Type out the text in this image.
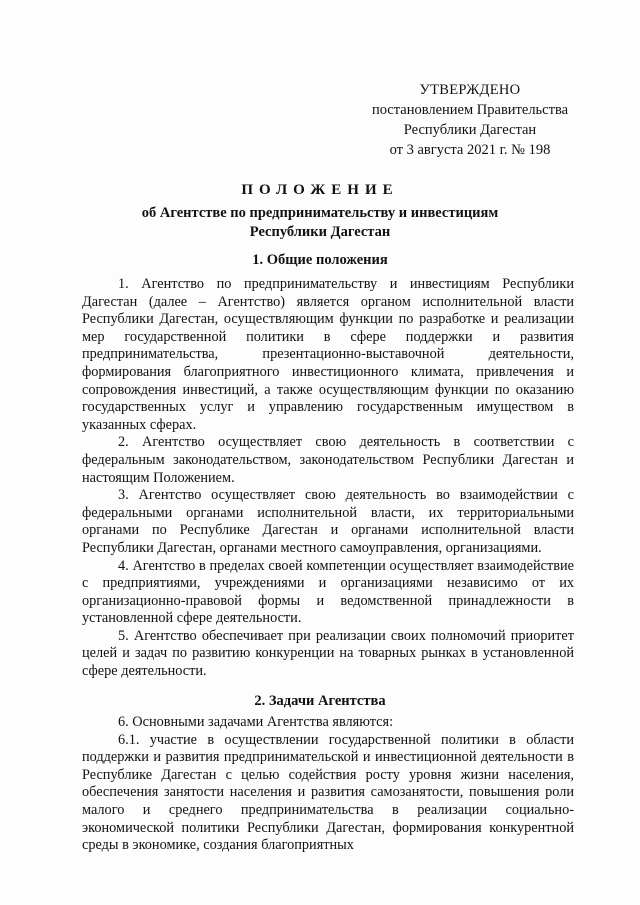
УТВЕРЖДЕНО
постановлением Правительства
Республики Дагестан
от 3 августа 2021 г. № 198
ПОЛОЖЕНИЕ
об Агентстве по предпринимательству и инвестициям
Республики Дагестан
1. Общие положения

1. Агентство по предпринимательству и инвестициям Республики Дагестан (далее – Агентство) является органом исполнительной власти Республики Дагестан, осуществляющим функции по разработке и реализации мер государственной политики в сфере поддержки и развития предпринимательства, презентационно-выставочной деятельности, формирования благоприятного инвестиционного климата, привлечения и сопровождения инвестиций, а также осуществляющим функции по оказанию государственных услуг и управлению государственным имуществом в указанных сферах.

2. Агентство осуществляет свою деятельность в соответствии с федеральным законодательством, законодательством Республики Дагестан и настоящим Положением.

3. Агентство осуществляет свою деятельность во взаимодействии с федеральными органами исполнительной власти, их территориальными органами по Республике Дагестан и органами исполнительной власти Республики Дагестан, органами местного самоуправления, организациями.

4. Агентство в пределах своей компетенции осуществляет взаимодействие с предприятиями, учреждениями и организациями независимо от их организационно-правовой формы и ведомственной принадлежности в установленной сфере деятельности.

5. Агентство обеспечивает при реализации своих полномочий приоритет целей и задач по развитию конкуренции на товарных рынках в установленной сфере деятельности.

2. Задачи Агентства

6. Основными задачами Агентства являются:

6.1. участие в осуществлении государственной политики в области поддержки и развития предпринимательской и инвестиционной деятельности в Республике Дагестан с целью содействия росту уровня жизни населения, обеспечения занятости населения и развития самозанятости, повышения роли малого и среднего предпринимательства в реализации социально-экономической политики Республики Дагестан, формирования конкурентной среды в экономике, создания благоприятных
